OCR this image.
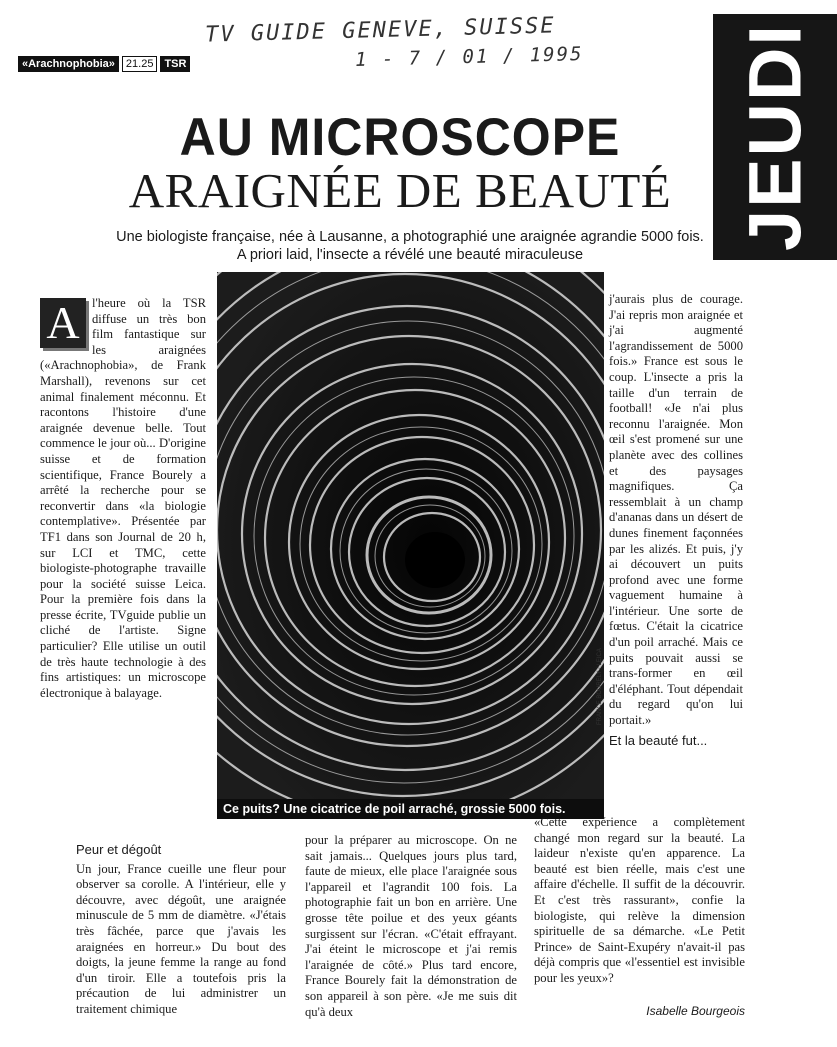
TV GUIDE GENEVE, SUISSE
1 - 7 / 01 / 1995
«Arachnophobia» 21.25 TSR	JEUDI
AU MICROSCOPE
ARAIGNÉE DE BEAUTÉ
Une biologiste française, née à Lausanne, a photographié une araignée agrandie 5000 fois.
A priori laid, l'insecte a révélé une beauté miraculeuse
A l'heure où la TSR diffuse un très bon film fantastique sur les araignées («Arachnophobia», de Frank Marshall), revenons sur cet animal finalement méconnu. Et racontons l'histoire d'une araignée devenue belle. Tout commence le jour où... D'origine suisse et de formation scientifique, France Bourely a arrêté la recherche pour se reconvertir dans «la biologie contemplative». Présentée par TF1 dans son Journal de 20 h, sur LCI et TMC, cette biologiste-photographe travaille pour la société suisse Leica. Pour la première fois dans la presse écrite, TVguide publie un cliché de l'artiste. Signe particulier? Elle utilise un outil de très haute technologie à des fins artistiques: un microscope électronique à balayage.
Ce puits? Une cicatrice de poil arraché, grossie 5000 fois.
FRANCE BOURELY / LEICA

j'aurais plus de courage. J'ai repris mon araignée et j'ai augmenté l'agrandissement de 5000 fois.» France est sous le coup. L'insecte a pris la taille d'un terrain de football! «Je n'ai plus reconnu l'araignée. Mon œil s'est promené sur une planète avec des collines et des paysages magnifiques. Ça ressemblait à un champ d'ananas dans un désert de dunes finement façonnées par les alizés. Et puis, j'y ai découvert un puits profond avec une forme vaguement humaine à l'intérieur. Une sorte de fœtus. C'était la cicatrice d'un poil arraché. Mais ce puits pouvait aussi se trans-former en œil d'éléphant. Tout dépendait du regard qu'on lui portait.»

Et la beauté fut...
Peur et dégoût

Un jour, France cueille une fleur pour observer sa corolle. A l'intérieur, elle y découvre, avec dégoût, une araignée minuscule de 5 mm de diamètre. «J'étais très fâchée, parce que j'avais les araignées en horreur.» Du bout des doigts, la jeune femme la range au fond d'un tiroir. Elle a toutefois pris la précaution de lui administrer un traitement chimique

pour la préparer au microscope. On ne sait jamais... Quelques jours plus tard, faute de mieux, elle place l'araignée sous l'appareil et l'agrandit 100 fois. La photographie fait un bon en arrière. Une grosse tête poilue et des yeux géants surgissent sur l'écran. «C'était effrayant. J'ai éteint le microscope et j'ai remis l'araignée de côté.» Plus tard encore, France Bourely fait la démonstration de son appareil à son père. «Je me suis dit qu'à deux

«Cette expérience a complètement changé mon regard sur la beauté. La laideur n'existe qu'en apparence. La beauté est bien réelle, mais c'est une affaire d'échelle. Il suffit de la découvrir. Et c'est très rassurant», confie la biologiste, qui relève la dimension spirituelle de sa démarche. «Le Petit Prince» de Saint-Exupéry n'avait-il pas déjà compris que «l'essentiel est invisible pour les yeux»?

Isabelle Bourgeois
